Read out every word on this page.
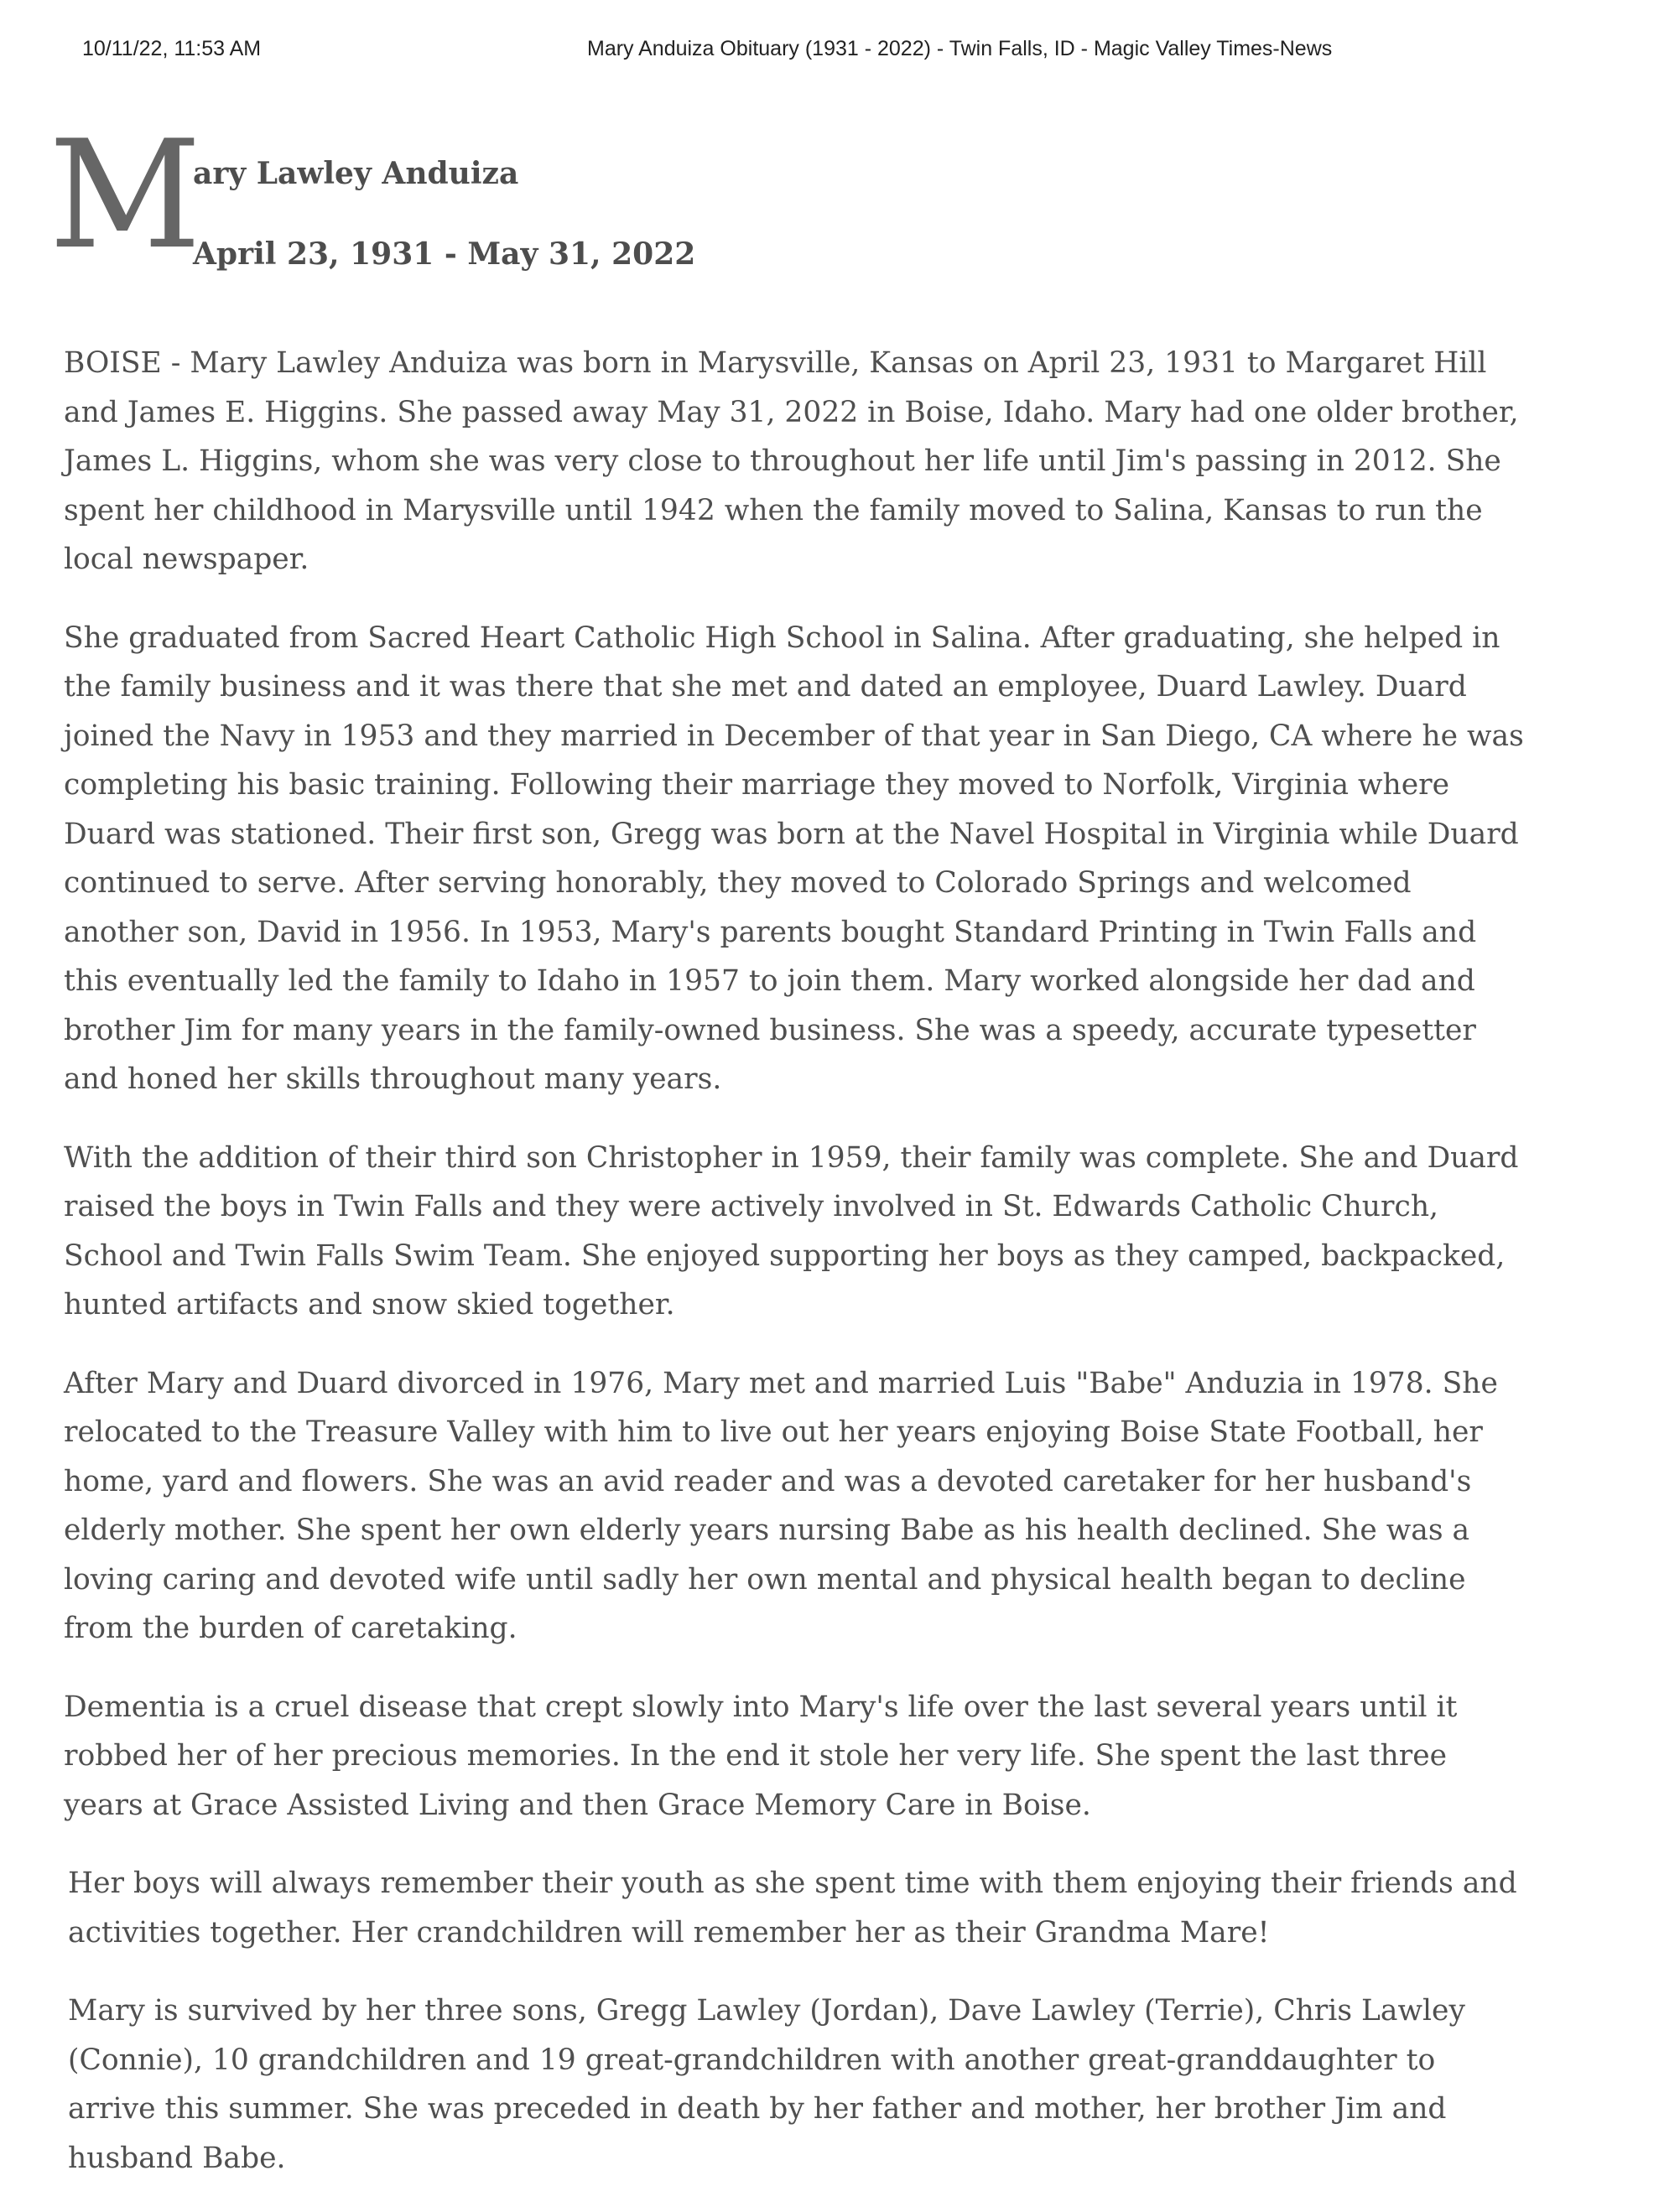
10/11/22, 11:53 AM	Mary Anduiza Obituary (1931 - 2022) - Twin Falls, ID - Magic Valley Times-News
M
ary Lawley Anduiza
April 23, 1931 - May 31, 2022

BOISE - Mary Lawley Anduiza was born in Marysville, Kansas on April 23, 1931 to Margaret Hill and James E. Higgins. She passed away May 31, 2022 in Boise, Idaho. Mary had one older brother, James L. Higgins, whom she was very close to throughout her life until Jim's passing in 2012. She spent her childhood in Marysville until 1942 when the family moved to Salina, Kansas to run the local newspaper.

She graduated from Sacred Heart Catholic High School in Salina. After graduating, she helped in the family business and it was there that she met and dated an employee, Duard Lawley. Duard joined the Navy in 1953 and they married in December of that year in San Diego, CA where he was completing his basic training. Following their marriage they moved to Norfolk, Virginia where Duard was stationed. Their first son, Gregg was born at the Navel Hospital in Virginia while Duard continued to serve. After serving honorably, they moved to Colorado Springs and welcomed another son, David in 1956. In 1953, Mary's parents bought Standard Printing in Twin Falls and this eventually led the family to Idaho in 1957 to join them. Mary worked alongside her dad and brother Jim for many years in the family-owned business. She was a speedy, accurate typesetter and honed her skills throughout many years.

With the addition of their third son Christopher in 1959, their family was complete. She and Duard raised the boys in Twin Falls and they were actively involved in St. Edwards Catholic Church, School and Twin Falls Swim Team. She enjoyed supporting her boys as they camped, backpacked, hunted artifacts and snow skied together.

After Mary and Duard divorced in 1976, Mary met and married Luis "Babe" Anduzia in 1978. She relocated to the Treasure Valley with him to live out her years enjoying Boise State Football, her home, yard and flowers. She was an avid reader and was a devoted caretaker for her husband's elderly mother. She spent her own elderly years nursing Babe as his health declined. She was a loving caring and devoted wife until sadly her own mental and physical health began to decline from the burden of caretaking.

Dementia is a cruel disease that crept slowly into Mary's life over the last several years until it robbed her of her precious memories. In the end it stole her very life. She spent the last three years at Grace Assisted Living and then Grace Memory Care in Boise.

Her boys will always remember their youth as she spent time with them enjoying their friends and activities together. Her crandchildren will remember her as their Grandma Mare!

Mary is survived by her three sons, Gregg Lawley (Jordan), Dave Lawley (Terrie), Chris Lawley (Connie), 10 grandchildren and 19 great-grandchildren with another great-granddaughter to arrive this summer. She was preceded in death by her father and mother, her brother Jim and husband Babe.
